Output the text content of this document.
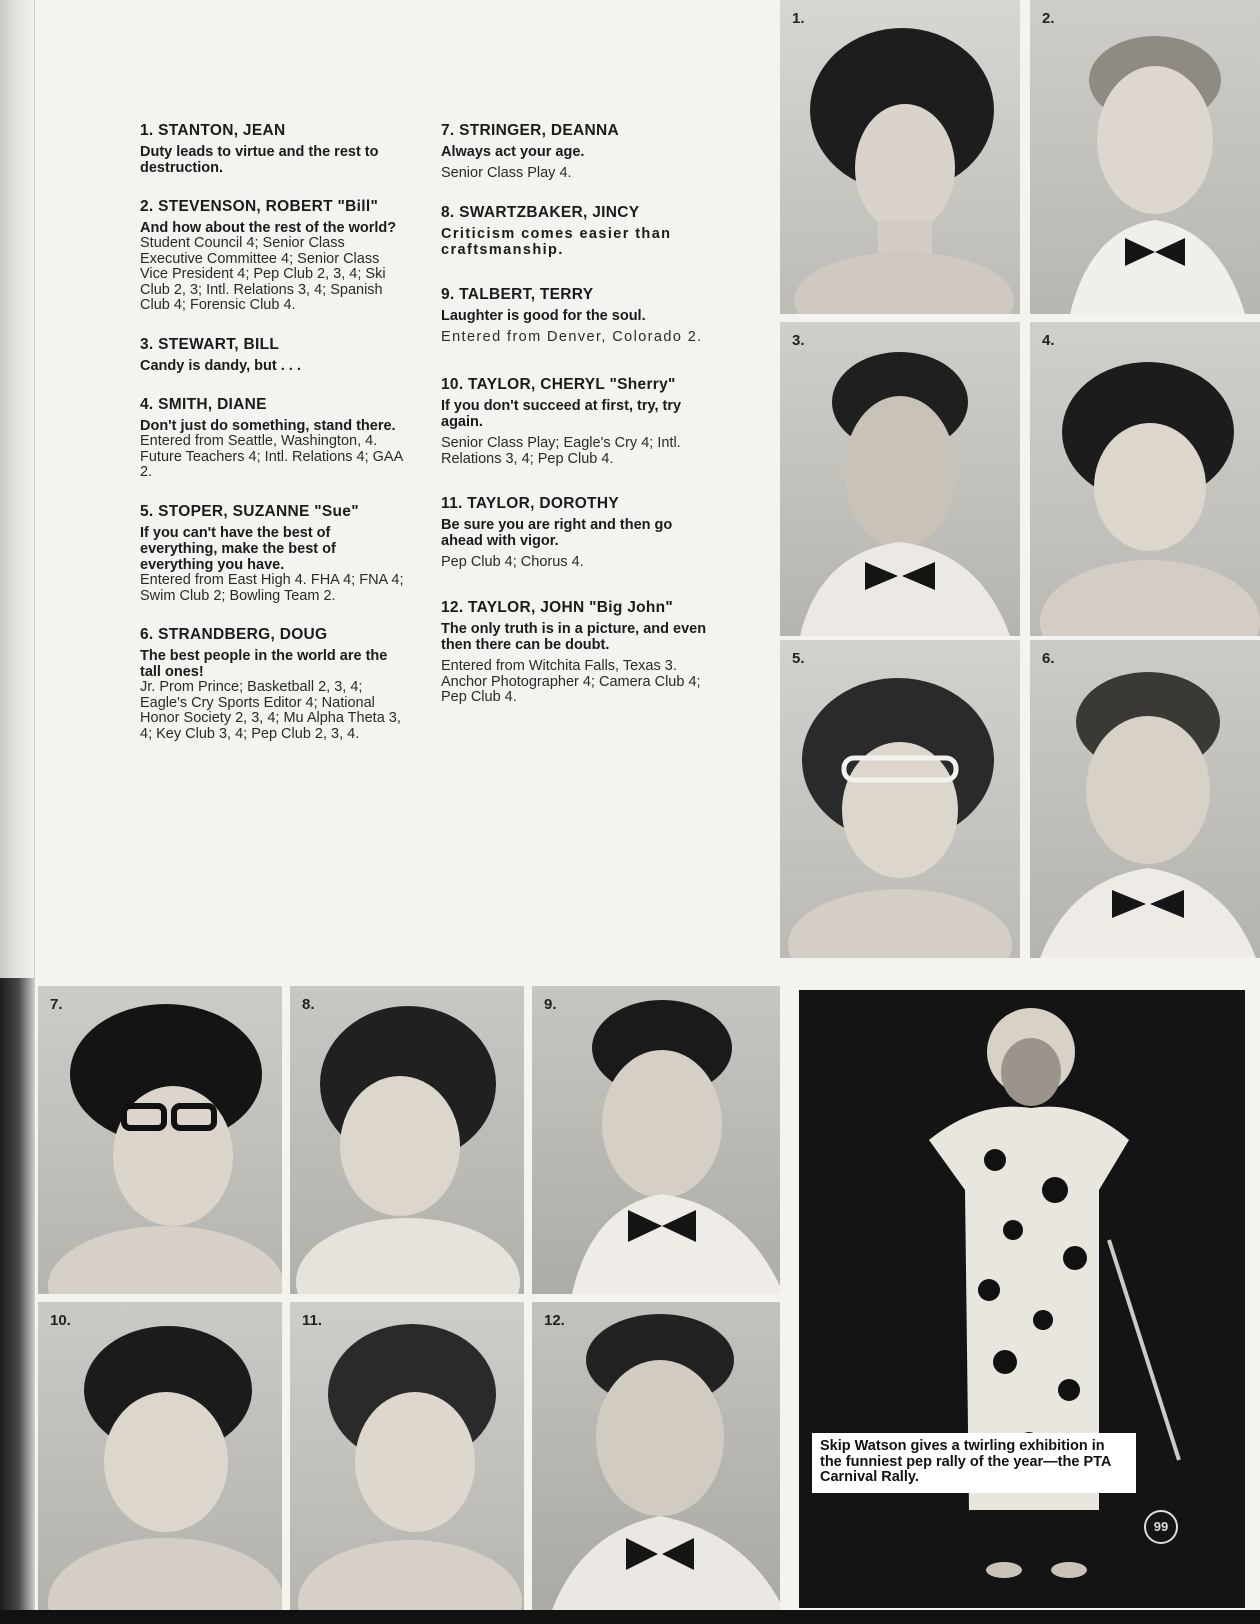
1. STANTON, JEAN

Duty leads to virtue and the rest to destruction.

2. STEVENSON, ROBERT "Bill"

And how about the rest of the world?

Student Council 4; Senior Class Executive Committee 4; Senior Class Vice President 4; Pep Club 2, 3, 4; Ski Club 2, 3; Intl. Relations 3, 4; Spanish Club 4; Forensic Club 4.

3. STEWART, BILL

Candy is dandy, but . . .

4. SMITH, DIANE

Don't just do something, stand there.

Entered from Seattle, Washington, 4. Future Teachers 4; Intl. Relations 4; GAA 2.

5. STOPER, SUZANNE "Sue"

If you can't have the best of everything, make the best of everything you have.

Entered from East High 4. FHA 4; FNA 4; Swim Club 2; Bowling Team 2.

6. STRANDBERG, DOUG

The best people in the world are the tall ones!

Jr. Prom Prince; Basketball 2, 3, 4; Eagle's Cry Sports Editor 4; National Honor Society 2, 3, 4; Mu Alpha Theta 3, 4; Key Club 3, 4; Pep Club 2, 3, 4.

7. STRINGER, DEANNA

Always act your age.

Senior Class Play 4.

8. SWARTZBAKER, JINCY

Criticism comes easier than craftsmanship.

9. TALBERT, TERRY

Laughter is good for the soul.

Entered from Denver, Colorado 2.

10. TAYLOR, CHERYL "Sherry"

If you don't succeed at first, try, try again.

Senior Class Play; Eagle's Cry 4; Intl. Relations 3, 4; Pep Club 4.

11. TAYLOR, DOROTHY

Be sure you are right and then go ahead with vigor.

Pep Club 4; Chorus 4.

12. TAYLOR, JOHN "Big John"

The only truth is in a picture, and even then there can be doubt.

Entered from Witchita Falls, Texas 3. Anchor Photographer 4; Camera Club 4; Pep Club 4.

1.	2.
3.	4.
5.	6.
7.	8.	9.
10.	11.	12.
Skip Watson gives a twirling exhibition in the funniest pep rally of the year—the PTA Carnival Rally.
99
